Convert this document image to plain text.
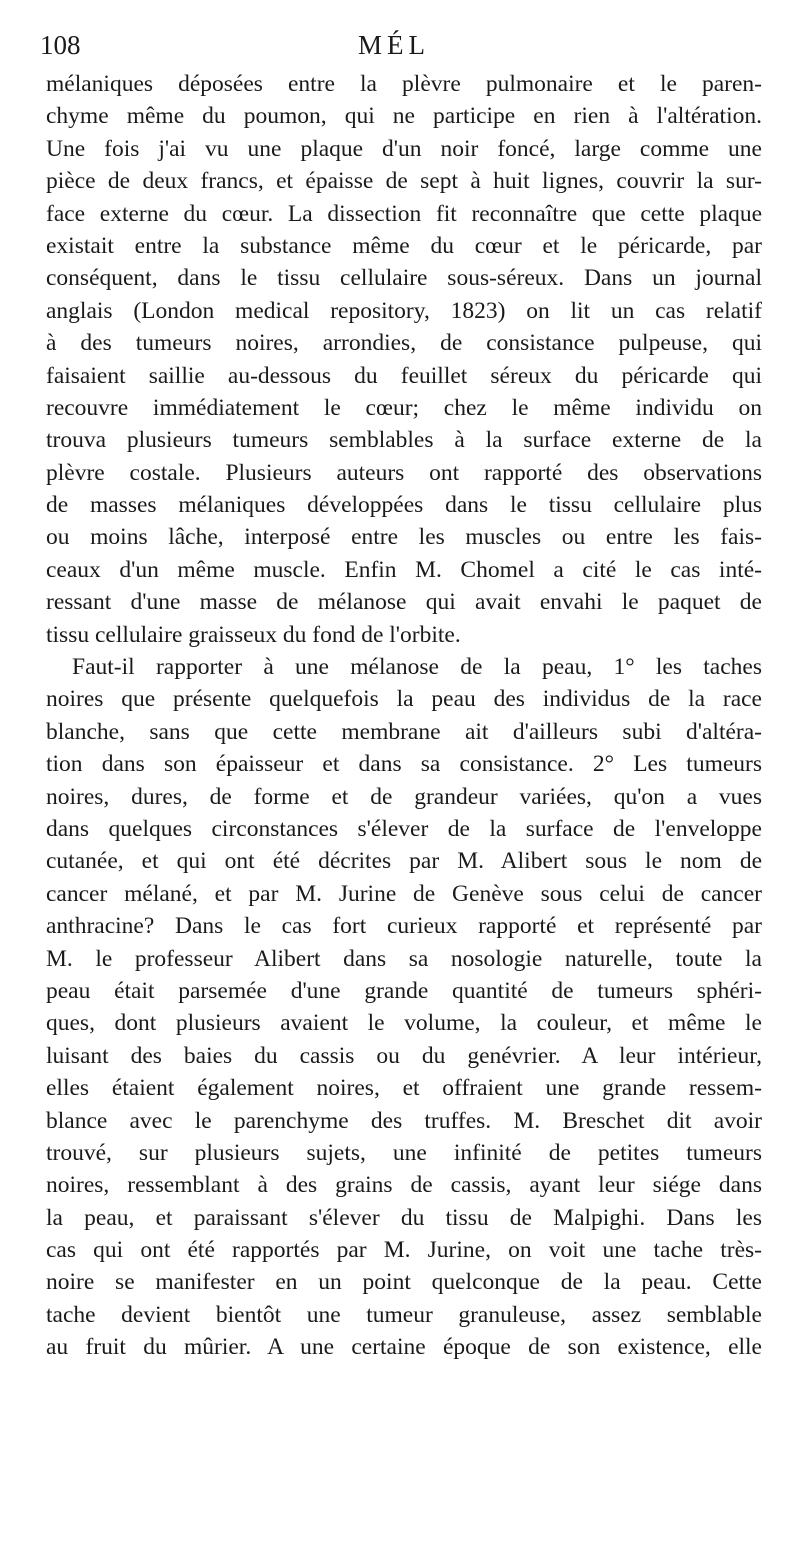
108	MÉL
mélaniques déposées entre la plèvre pulmonaire et le paren-
chyme même du poumon, qui ne participe en rien à l'altération.
Une fois j'ai vu une plaque d'un noir foncé, large comme une
pièce de deux francs, et épaisse de sept à huit lignes, couvrir la sur-
face externe du cœur. La dissection fit reconnaître que cette plaque
existait entre la substance même du cœur et le péricarde, par
conséquent, dans le tissu cellulaire sous-séreux. Dans un journal
anglais (London medical repository, 1823) on lit un cas relatif
à des tumeurs noires, arrondies, de consistance pulpeuse, qui
faisaient saillie au-dessous du feuillet séreux du péricarde qui
recouvre immédiatement le cœur; chez le même individu on
trouva plusieurs tumeurs semblables à la surface externe de la
plèvre costale. Plusieurs auteurs ont rapporté des observations
de masses mélaniques développées dans le tissu cellulaire plus
ou moins lâche, interposé entre les muscles ou entre les fais-
ceaux d'un même muscle. Enfin M. Chomel a cité le cas inté-
ressant d'une masse de mélanose qui avait envahi le paquet de
tissu cellulaire graisseux du fond de l'orbite.
Faut-il rapporter à une mélanose de la peau, 1° les taches
noires que présente quelquefois la peau des individus de la race
blanche, sans que cette membrane ait d'ailleurs subi d'altéra-
tion dans son épaisseur et dans sa consistance. 2° Les tumeurs
noires, dures, de forme et de grandeur variées, qu'on a vues
dans quelques circonstances s'élever de la surface de l'enveloppe
cutanée, et qui ont été décrites par M. Alibert sous le nom de
cancer mélané, et par M. Jurine de Genève sous celui de cancer
anthracine? Dans le cas fort curieux rapporté et représenté par
M. le professeur Alibert dans sa nosologie naturelle, toute la
peau était parsemée d'une grande quantité de tumeurs sphéri-
ques, dont plusieurs avaient le volume, la couleur, et même le
luisant des baies du cassis ou du genévrier. A leur intérieur,
elles étaient également noires, et offraient une grande ressem-
blance avec le parenchyme des truffes. M. Breschet dit avoir
trouvé, sur plusieurs sujets, une infinité de petites tumeurs
noires, ressemblant à des grains de cassis, ayant leur siége dans
la peau, et paraissant s'élever du tissu de Malpighi. Dans les
cas qui ont été rapportés par M. Jurine, on voit une tache très-
noire se manifester en un point quelconque de la peau. Cette
tache devient bientôt une tumeur granuleuse, assez semblable
au fruit du mûrier. A une certaine époque de son existence, elle
